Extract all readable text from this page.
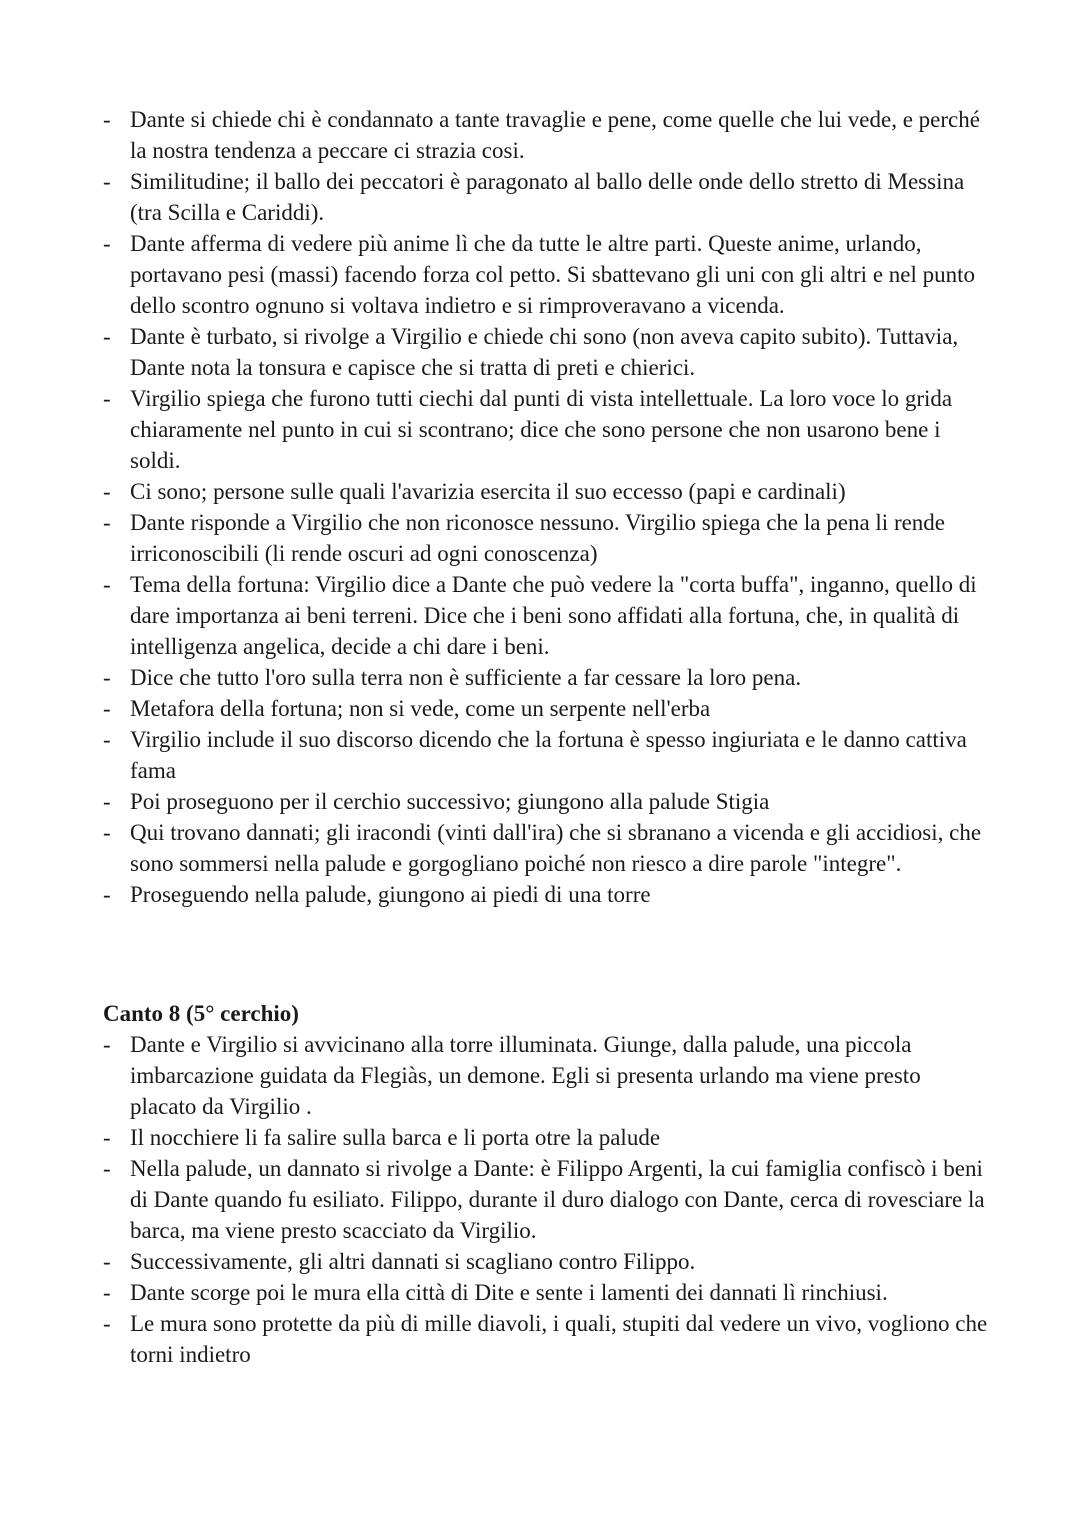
- Dante si chiede chi è condannato a tante travaglie e pene, come quelle che lui vede, e perché la nostra tendenza a peccare ci strazia cosi.
- Similitudine; il ballo dei peccatori è paragonato al ballo delle onde dello stretto di Messina (tra Scilla e Cariddi).
- Dante afferma di vedere più anime lì che da tutte le altre parti. Queste anime, urlando, portavano pesi (massi) facendo forza col petto. Si sbattevano gli uni con gli altri e nel punto dello scontro ognuno si voltava indietro e si rimproveravano a vicenda.
- Dante è turbato, si rivolge a Virgilio e chiede chi sono (non aveva capito subito). Tuttavia, Dante nota la tonsura e capisce che si tratta di preti e chierici.
- Virgilio spiega che furono tutti ciechi dal punti di vista intellettuale. La loro voce lo grida chiaramente nel punto in cui si scontrano; dice che sono persone che non usarono bene i soldi.
- Ci sono; persone sulle quali l'avarizia esercita il suo eccesso (papi e cardinali)
- Dante risponde a Virgilio che non riconosce nessuno. Virgilio spiega che la pena li rende irriconoscibili (li rende oscuri ad ogni conoscenza)
- Tema della fortuna: Virgilio dice a Dante che può vedere la "corta buffa", inganno, quello di dare importanza ai beni terreni. Dice che i beni sono affidati alla fortuna, che, in qualità di intelligenza angelica, decide a chi dare i beni.
- Dice che tutto l'oro sulla terra non è sufficiente a far cessare la loro pena.
- Metafora della fortuna; non si vede, come un serpente nell'erba
- Virgilio include il suo discorso dicendo che la fortuna è spesso ingiuriata e le danno cattiva fama
- Poi proseguono per il cerchio successivo; giungono alla palude Stigia
- Qui trovano dannati; gli iracondi (vinti dall'ira) che si sbranano a vicenda e gli accidiosi, che sono sommersi nella palude e gorgogliano poiché non riesco a dire parole "integre".
- Proseguendo nella palude, giungono ai piedi di una torre
Canto 8 (5° cerchio)
- Dante e Virgilio si avvicinano alla torre illuminata. Giunge, dalla palude, una piccola imbarcazione guidata da Flegiàs, un demone. Egli si presenta urlando ma viene presto placato da Virgilio .
- Il nocchiere li fa salire sulla barca e li porta otre la palude
- Nella palude, un dannato si rivolge a Dante: è Filippo Argenti, la cui famiglia confiscò i beni di Dante quando fu esiliato. Filippo, durante il duro dialogo con Dante, cerca di rovesciare la barca, ma viene presto scacciato da Virgilio.
- Successivamente, gli altri dannati si scagliano contro Filippo.
- Dante scorge poi le mura ella città di Dite e sente i lamenti dei dannati lì rinchiusi.
- Le mura sono protette da più di mille diavoli, i quali, stupiti dal vedere un vivo, vogliono che torni indietro
